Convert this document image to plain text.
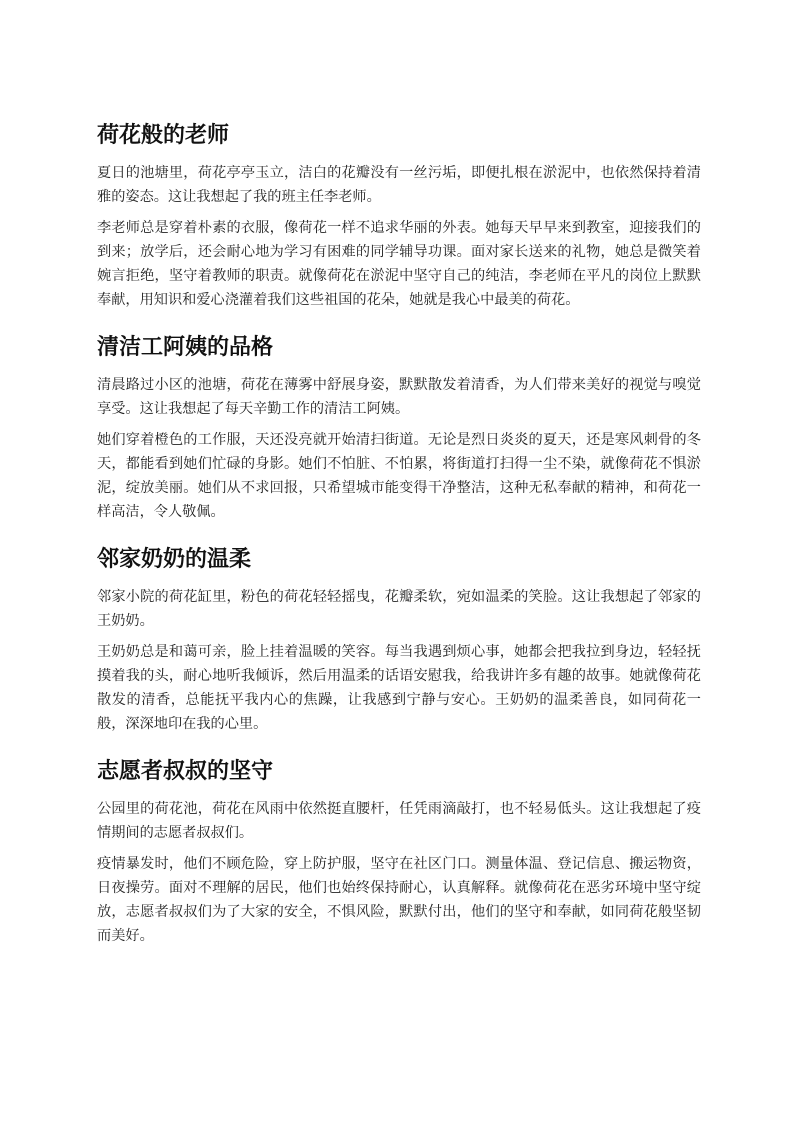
荷花般的老师

夏日的池塘里，荷花亭亭玉立，洁白的花瓣没有一丝污垢，即便扎根在淤泥中，也依然保持着清雅的姿态。这让我想起了我的班主任李老师。

李老师总是穿着朴素的衣服，像荷花一样不追求华丽的外表。她每天早早来到教室，迎接我们的到来；放学后，还会耐心地为学习有困难的同学辅导功课。面对家长送来的礼物，她总是微笑着婉言拒绝，坚守着教师的职责。就像荷花在淤泥中坚守自己的纯洁，李老师在平凡的岗位上默默奉献，用知识和爱心浇灌着我们这些祖国的花朵，她就是我心中最美的荷花。

清洁工阿姨的品格

清晨路过小区的池塘，荷花在薄雾中舒展身姿，默默散发着清香，为人们带来美好的视觉与嗅觉享受。这让我想起了每天辛勤工作的清洁工阿姨。

她们穿着橙色的工作服，天还没亮就开始清扫街道。无论是烈日炎炎的夏天，还是寒风刺骨的冬天，都能看到她们忙碌的身影。她们不怕脏、不怕累，将街道打扫得一尘不染，就像荷花不惧淤泥，绽放美丽。她们从不求回报，只希望城市能变得干净整洁，这种无私奉献的精神，和荷花一样高洁，令人敬佩。

邻家奶奶的温柔

邻家小院的荷花缸里，粉色的荷花轻轻摇曳，花瓣柔软，宛如温柔的笑脸。这让我想起了邻家的王奶奶。

王奶奶总是和蔼可亲，脸上挂着温暖的笑容。每当我遇到烦心事，她都会把我拉到身边，轻轻抚摸着我的头，耐心地听我倾诉，然后用温柔的话语安慰我，给我讲许多有趣的故事。她就像荷花散发的清香，总能抚平我内心的焦躁，让我感到宁静与安心。王奶奶的温柔善良，如同荷花一般，深深地印在我的心里。

志愿者叔叔的坚守

公园里的荷花池，荷花在风雨中依然挺直腰杆，任凭雨滴敲打，也不轻易低头。这让我想起了疫情期间的志愿者叔叔们。

疫情暴发时，他们不顾危险，穿上防护服，坚守在社区门口。测量体温、登记信息、搬运物资，日夜操劳。面对不理解的居民，他们也始终保持耐心，认真解释。就像荷花在恶劣环境中坚守绽放，志愿者叔叔们为了大家的安全，不惧风险，默默付出，他们的坚守和奉献，如同荷花般坚韧而美好。
